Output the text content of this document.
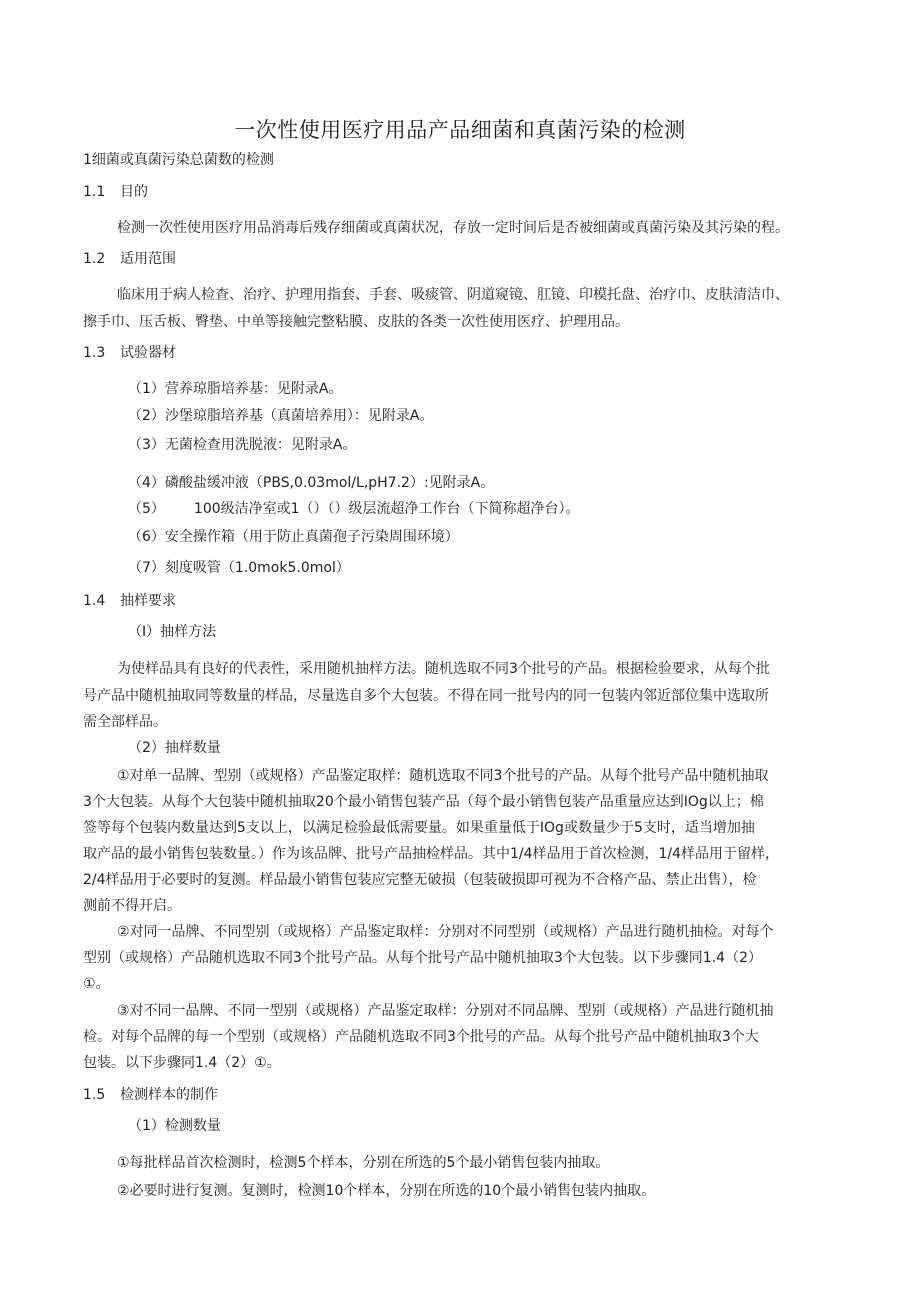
一次性使用医疗用品产品细菌和真菌污染的检测
1细菌或真菌污染总菌数的检测
1.1 目的
检测一次性使用医疗用品消毒后残存细菌或真菌状况，存放一定时间后是否被细菌或真菌污染及其污染的程。
1.2 适用范围
临床用于病人检查、治疗、护理用指套、手套、吸痰管、阴道窥镜、肛镜、印模托盘、治疗巾、皮肤清洁巾、
擦手巾、压舌板、臀垫、中单等接触完整粘膜、皮肤的各类一次性使用医疗、护理用品。
1.3 试验器材
（1）营养琼脂培养基：见附录A。
（2）沙堡琼脂培养基（真菌培养用）：见附录A。
（3）无菌检查用洗脱液：见附录A。
（4）磷酸盐缓冲液（PBS,0.03mol∕L,pH7.2）:见附录A。
（5） 100级洁净室或1（）（）级层流超净工作台（下简称超净台）。
（6）安全操作箱（用于防止真菌孢子污染周围环境）
（7）刻度吸管（1.0mok5.0mol）
1.4 抽样要求
（I）抽样方法
为使样品具有良好的代表性，采用随机抽样方法。随机选取不同3个批号的产品。根据检验要求，从每个批
号产品中随机抽取同等数量的样品，尽量选自多个大包装。不得在同一批号内的同一包装内邻近部位集中选取所
需全部样品。
（2）抽样数量
①对单一品牌、型别（或规格）产品鉴定取样：随机选取不同3个批号的产品。从每个批号产品中随机抽取
3个大包装。从每个大包装中随机抽取20个最小销售包装产品（每个最小销售包装产品重量应达到IOg以上；棉
签等每个包装内数量达到5支以上，以满足检验最低需要量。如果重量低于IOg或数量少于5支时，适当增加抽
取产品的最小销售包装数量。）作为该品牌、批号产品抽检样品。其中1/4样品用于首次检测，1/4样品用于留样，
2/4样品用于必要时的复测。样品最小销售包装应完整无破损（包装破损即可视为不合格产品、禁止出售），检
测前不得开启。
②对同一品牌、不同型别（或规格）产品鉴定取样：分别对不同型别（或规格）产品进行随机抽检。对每个
型别（或规格）产品随机选取不同3个批号产品。从每个批号产品中随机抽取3个大包装。以下步骤同1.4（2）
①。
③对不同一品牌、不同一型别（或规格）产品鉴定取样：分别对不同品牌、型别（或规格）产品进行随机抽
检。对每个品牌的每一个型别（或规格）产品随机选取不同3个批号的产品。从每个批号产品中随机抽取3个大
包装。以下步骤同1.4（2）①。
1.5 检测样本的制作
（1）检测数量
①每批样品首次检测时，检测5个样本，分别在所选的5个最小销售包装内抽取。
②必要时进行复测。复测时，检测10个样本，分别在所选的10个最小销售包装内抽取。
